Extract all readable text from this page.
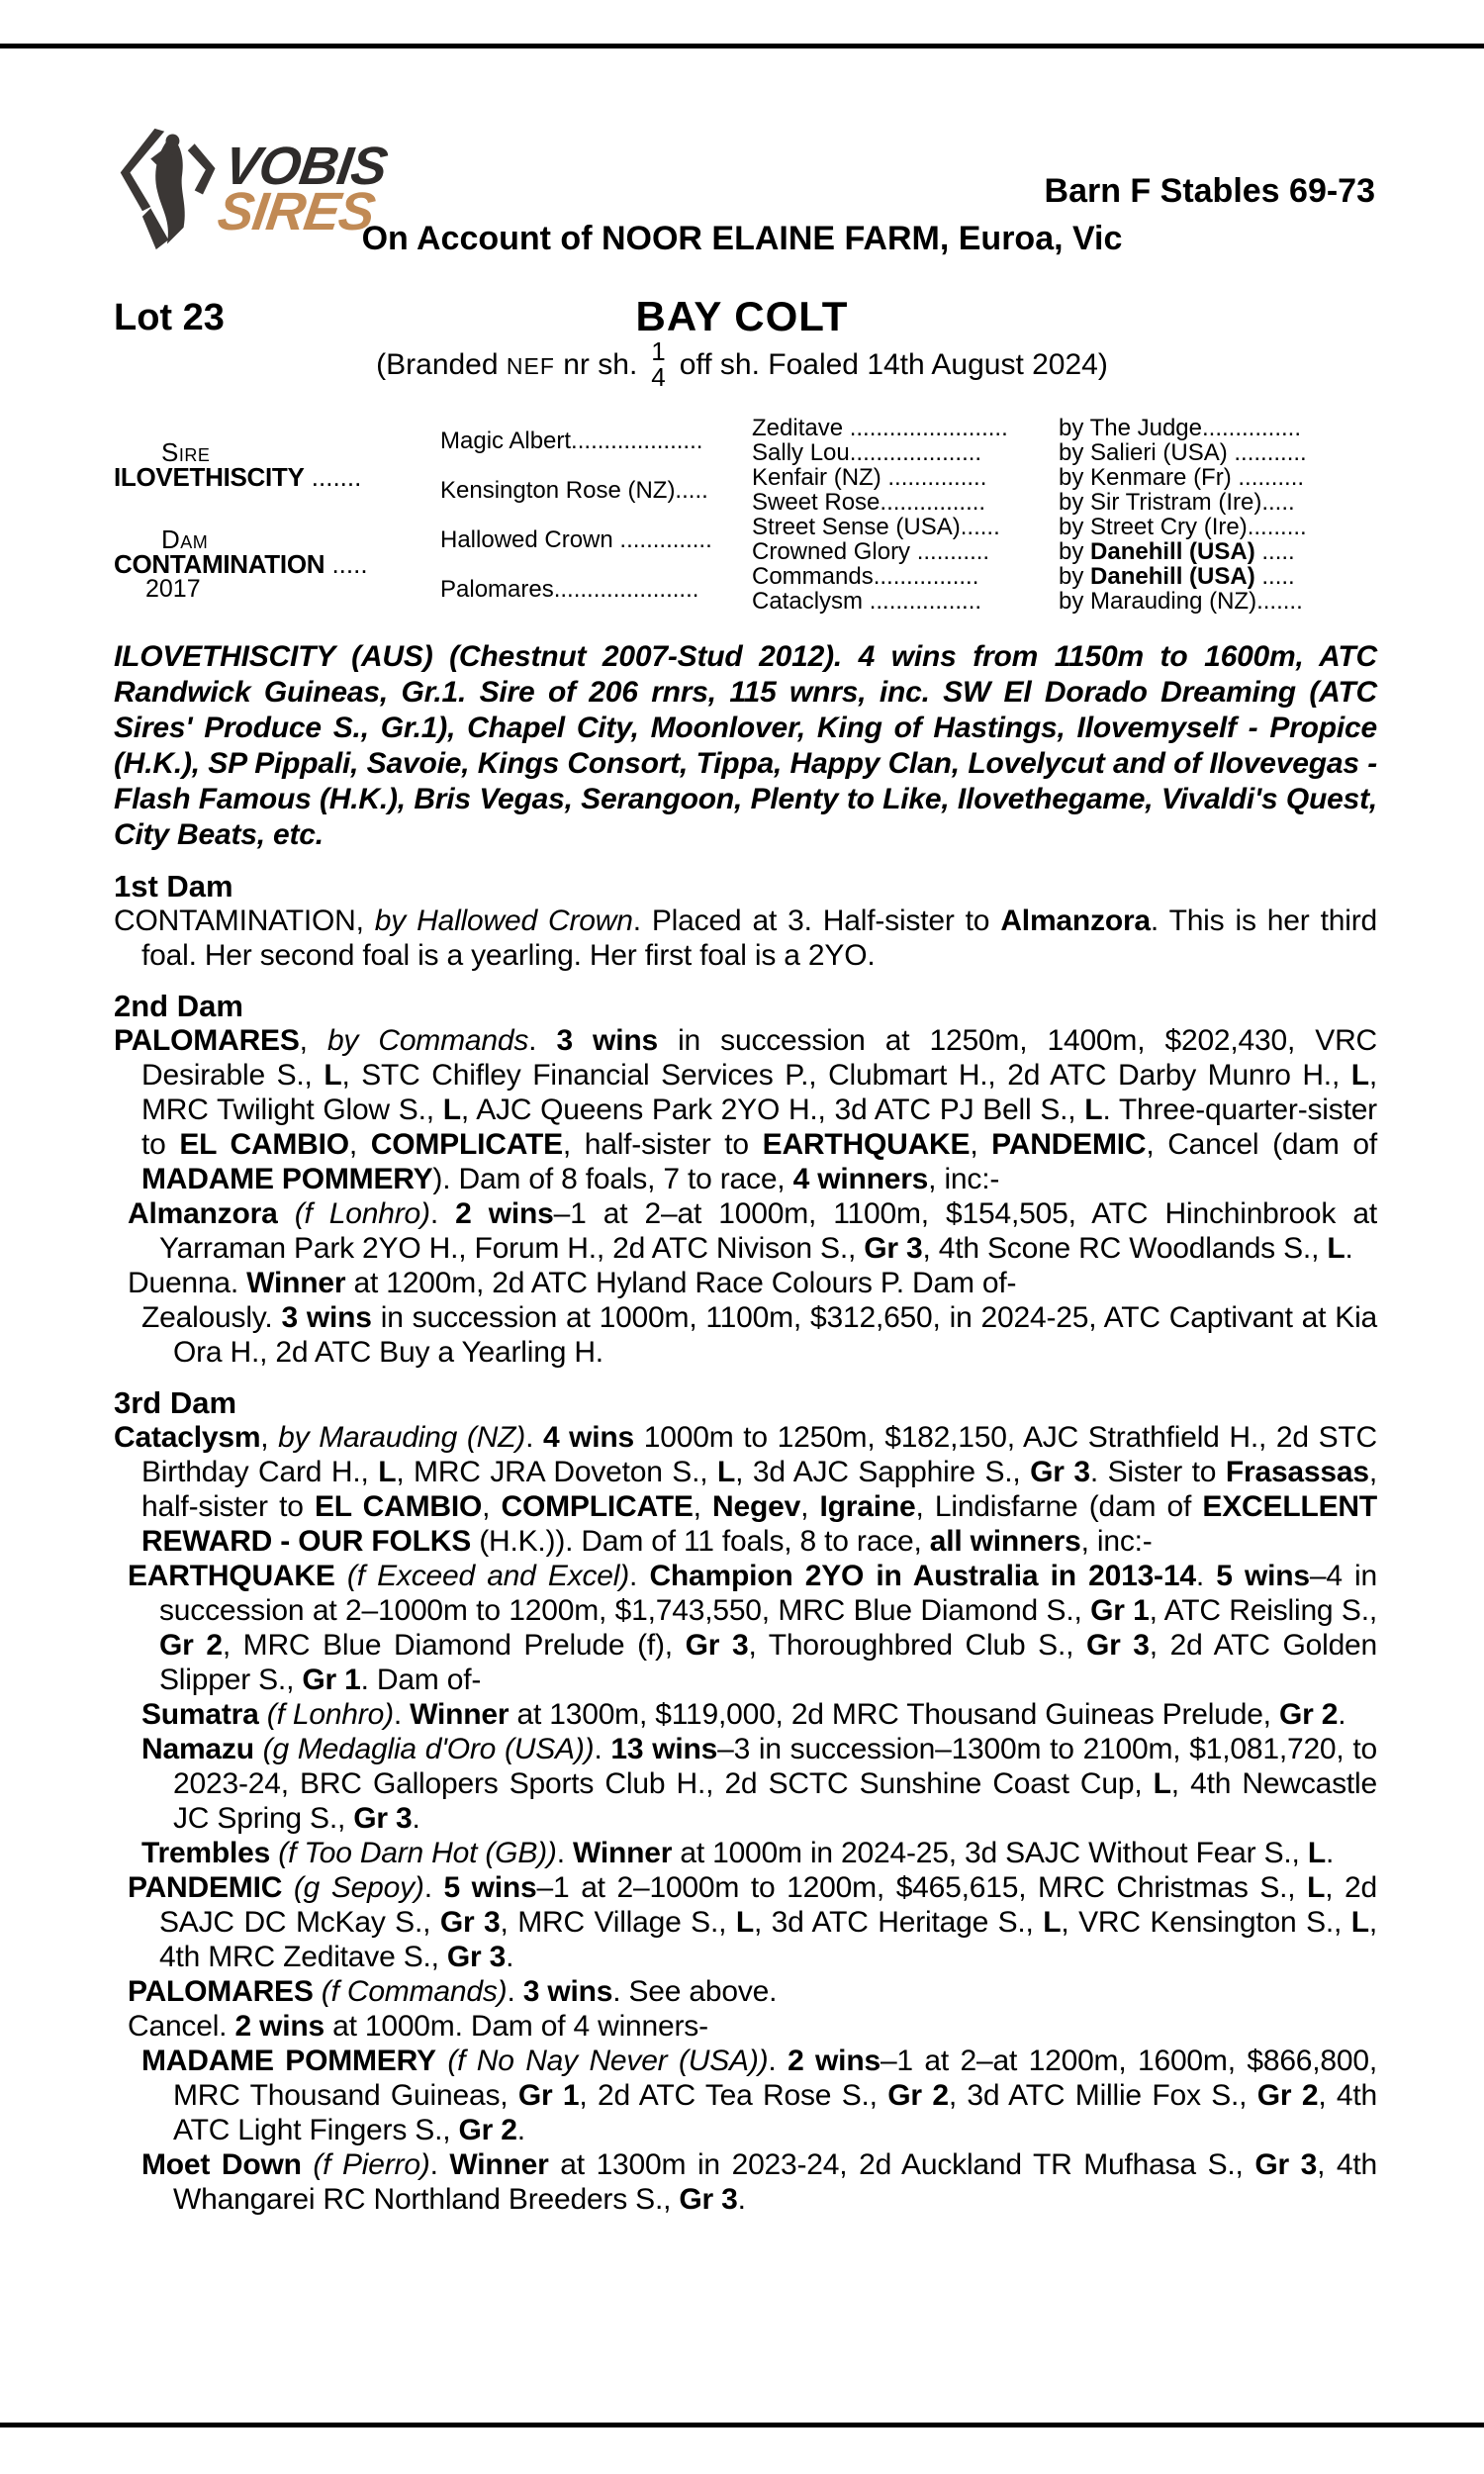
VOBIS
SIRES
Lot 23
Barn F Stables 69-73
On Account of NOOR ELAINE FARM, Euroa, Vic
BAY COLT
(Branded NEF nr sh. 1
4 off sh. Foaled 14th August 2024)
Sire
ILOVETHISCITY .......
Dam
CONTAMINATION .....
2017
Magic Albert....................
Kensington Rose (NZ).....
Hallowed Crown ..............
Palomares......................
Zeditave ........................	by The Judge...............
Sally Lou....................	by Salieri (USA) ...........
Kenfair (NZ) ...............	by Kenmare (Fr) ..........
Sweet Rose................	by Sir Tristram (Ire).....
Street Sense (USA)......	by Street Cry (Ire).........
Crowned Glory ...........	by Danehill (USA) .....
Commands................	by Danehill (USA) .....
Cataclysm .................	by Marauding (NZ).......
ILOVETHISCITY (AUS) (Chestnut 2007-Stud 2012). 4 wins from 1150m to 1600m, ATC Randwick Guineas, Gr.1. Sire of 206 rnrs, 115 wnrs, inc. SW El Dorado Dreaming (ATC Sires' Produce S., Gr.1), Chapel City, Moonlover, King of Hastings, Ilovemyself - Propice (H.K.), SP Pippali, Savoie, Kings Consort, Tippa, Happy Clan, Lovelycut and of Ilovevegas - Flash Famous (H.K.), Bris Vegas, Serangoon, Plenty to Like, Ilovethegame, Vivaldi's Quest, City Beats, etc.
1st Dam
CONTAMINATION, by Hallowed Crown. Placed at 3. Half-sister to Almanzora. This is her third foal. Her second foal is a yearling. Her first foal is a 2YO.
2nd Dam
PALOMARES, by Commands. 3 wins in succession at 1250m, 1400m, $202,430, VRC Desirable S., L, STC Chifley Financial Services P., Clubmart H., 2d ATC Darby Munro H., L, MRC Twilight Glow S., L, AJC Queens Park 2YO H., 3d ATC PJ Bell S., L. Three-quarter-sister to EL CAMBIO, COMPLICATE, half-sister to EARTHQUAKE, PANDEMIC, Cancel (dam of MADAME POMMERY). Dam of 8 foals, 7 to race, 4 winners, inc:-
Almanzora (f Lonhro). 2 wins–1 at 2–at 1000m, 1100m, $154,505, ATC Hinchinbrook at Yarraman Park 2YO H., Forum H., 2d ATC Nivison S., Gr 3, 4th Scone RC Woodlands S., L.
Duenna. Winner at 1200m, 2d ATC Hyland Race Colours P. Dam of-
Zealously. 3 wins in succession at 1000m, 1100m, $312,650, in 2024-25, ATC Captivant at Kia Ora H., 2d ATC Buy a Yearling H.
3rd Dam
Cataclysm, by Marauding (NZ). 4 wins 1000m to 1250m, $182,150, AJC Strathfield H., 2d STC Birthday Card H., L, MRC JRA Doveton S., L, 3d AJC Sapphire S., Gr 3. Sister to Frasassas, half-sister to EL CAMBIO, COMPLICATE, Negev, Igraine, Lindisfarne (dam of EXCELLENT REWARD - OUR FOLKS (H.K.)). Dam of 11 foals, 8 to race, all winners, inc:-
EARTHQUAKE (f Exceed and Excel). Champion 2YO in Australia in 2013-14. 5 wins–4 in succession at 2–1000m to 1200m, $1,743,550, MRC Blue Diamond S., Gr 1, ATC Reisling S., Gr 2, MRC Blue Diamond Prelude (f), Gr 3, Thoroughbred Club S., Gr 3, 2d ATC Golden Slipper S., Gr 1. Dam of-
Sumatra (f Lonhro). Winner at 1300m, $119,000, 2d MRC Thousand Guineas Prelude, Gr 2.
Namazu (g Medaglia d'Oro (USA)). 13 wins–3 in succession–1300m to 2100m, $1,081,720, to 2023-24, BRC Gallopers Sports Club H., 2d SCTC Sunshine Coast Cup, L, 4th Newcastle JC Spring S., Gr 3.
Trembles (f Too Darn Hot (GB)). Winner at 1000m in 2024-25, 3d SAJC Without Fear S., L.
PANDEMIC (g Sepoy). 5 wins–1 at 2–1000m to 1200m, $465,615, MRC Christmas S., L, 2d SAJC DC McKay S., Gr 3, MRC Village S., L, 3d ATC Heritage S., L, VRC Kensington S., L, 4th MRC Zeditave S., Gr 3.
PALOMARES (f Commands). 3 wins. See above.
Cancel. 2 wins at 1000m. Dam of 4 winners-
MADAME POMMERY (f No Nay Never (USA)). 2 wins–1 at 2–at 1200m, 1600m, $866,800, MRC Thousand Guineas, Gr 1, 2d ATC Tea Rose S., Gr 2, 3d ATC Millie Fox S., Gr 2, 4th ATC Light Fingers S., Gr 2.
Moet Down (f Pierro). Winner at 1300m in 2023-24, 2d Auckland TR Mufhasa S., Gr 3, 4th Whangarei RC Northland Breeders S., Gr 3.
